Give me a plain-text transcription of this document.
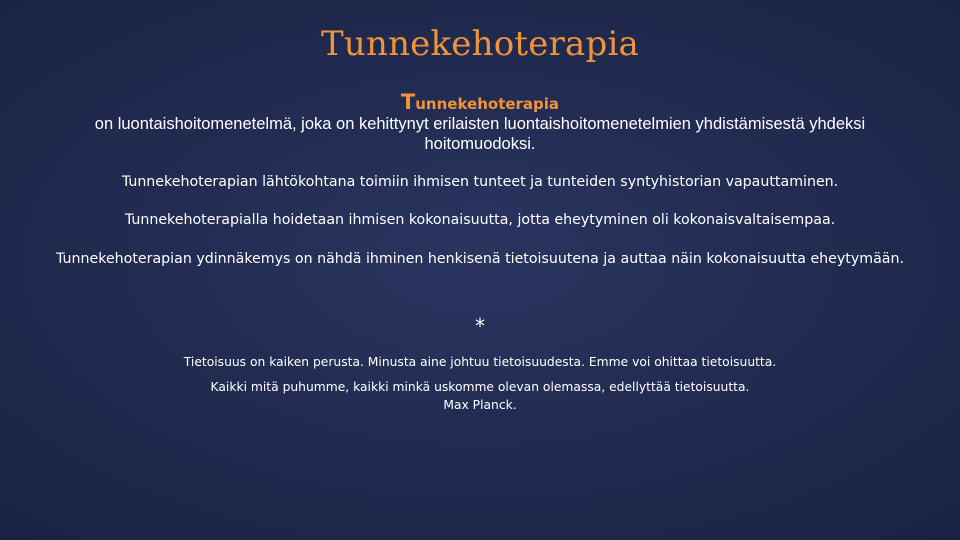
Tunnekehoterapia
Tunnekehoterapia
on luontaishoitomenetelmä, joka on kehittynyt erilaisten luontaishoitomenetelmien yhdistämisestä yhdeksi hoitomuodoksi.
Tunnekehoterapian lähtökohtana toimiin ihmisen tunteet ja tunteiden syntyhistorian vapauttaminen.
Tunnekehoterapialla hoidetaan ihmisen kokonaisuutta, jotta eheytyminen oli kokonaisvaltaisempaa.
Tunnekehoterapian ydinnäkemys on nähdä ihminen henkisenä tietoisuutena ja auttaa näin kokonaisuutta eheytymään.
*
Tietoisuus on kaiken perusta. Minusta aine johtuu tietoisuudesta. Emme voi ohittaa tietoisuutta.
Kaikki mitä puhumme, kaikki minkä uskomme olevan olemassa, edellyttää tietoisuutta.
Max Planck.
